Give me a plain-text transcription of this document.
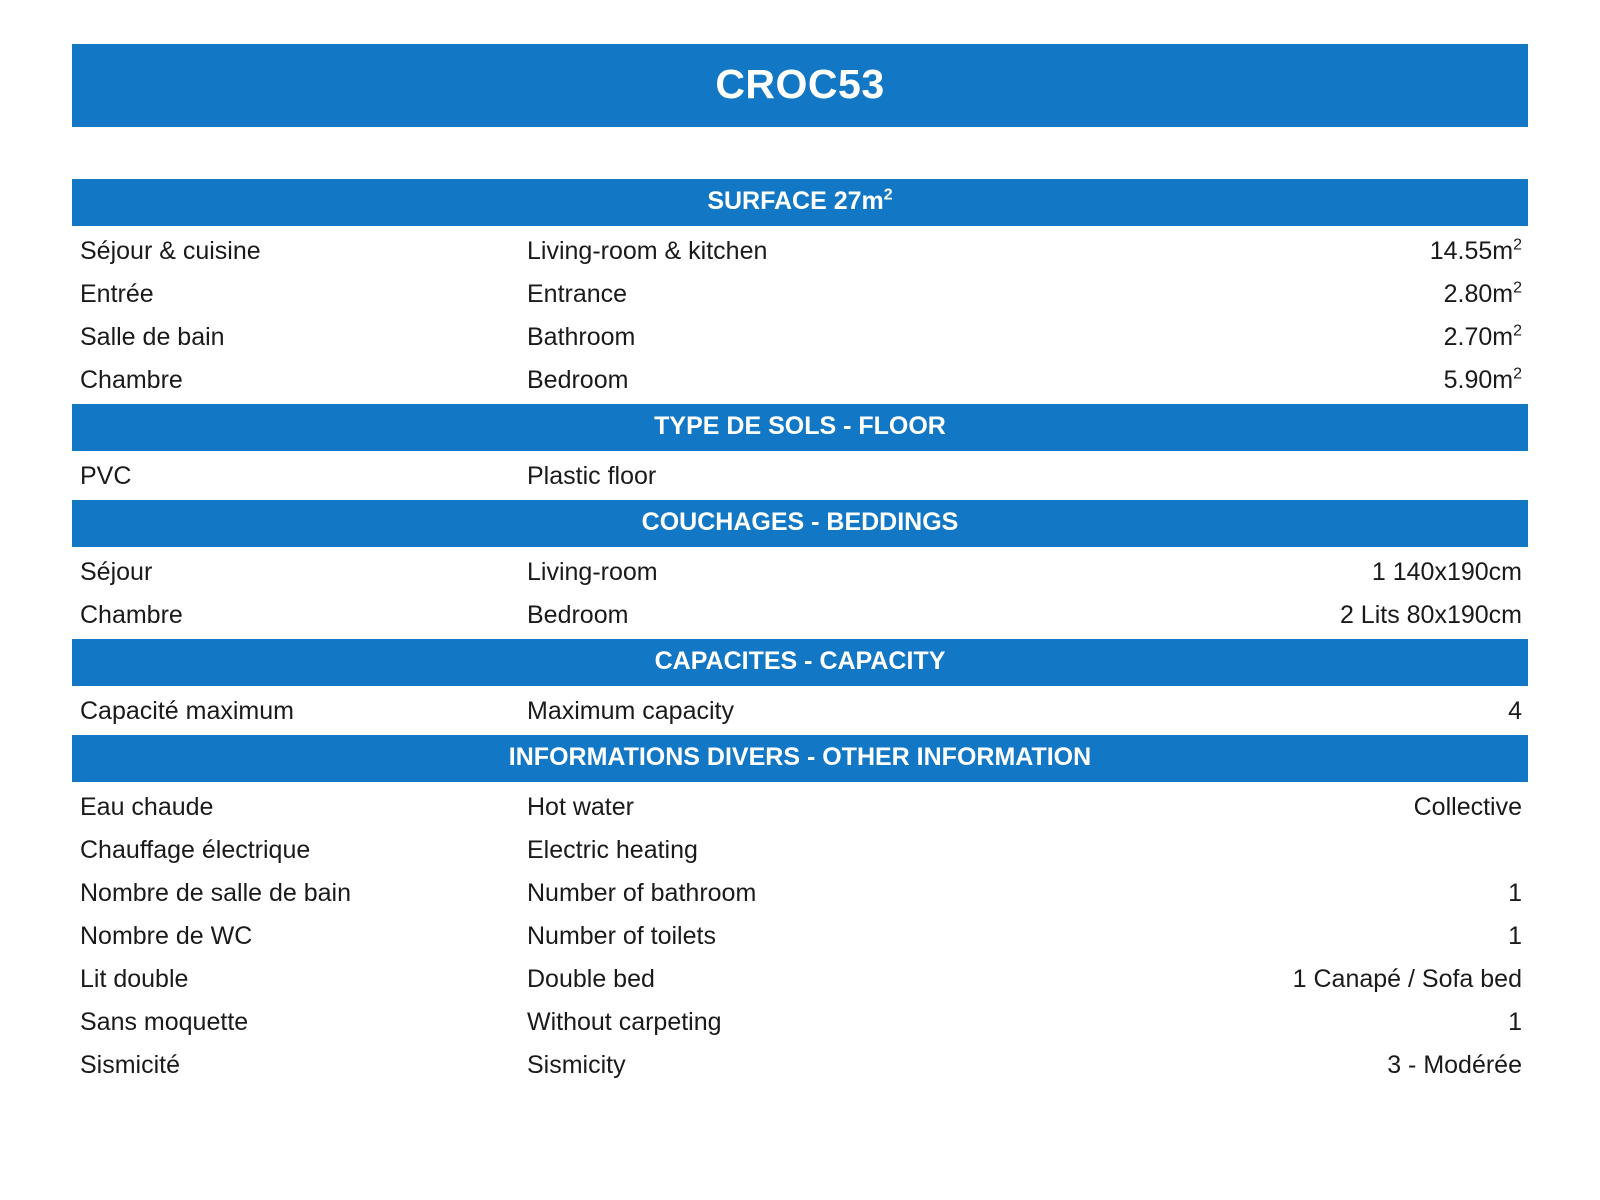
CROC53
SURFACE $27m^2$
Séjour & cuisine	Living-room & kitchen	$14.55m^2$
Entrée	Entrance	$2.80m^2$
Salle de bain	Bathroom	$2.70m^2$
Chambre	Bedroom	$5.90m^2$
TYPE DE SOLS - FLOOR
PVC	Plastic floor
COUCHAGES - BEDDINGS
Séjour	Living-room	1 140x190cm
Chambre	Bedroom	2 Lits 80x190cm
CAPACITES - CAPACITY
Capacité maximum	Maximum capacity	4
INFORMATIONS DIVERS - OTHER INFORMATION
Eau chaude	Hot water	Collective
Chauffage électrique	Electric heating
Nombre de salle de bain	Number of bathroom	1
Nombre de WC	Number of toilets	1
Lit double	Double bed	1 Canapé / Sofa bed
Sans moquette	Without carpeting	1
Sismicité	Sismicity	3 - Modérée
